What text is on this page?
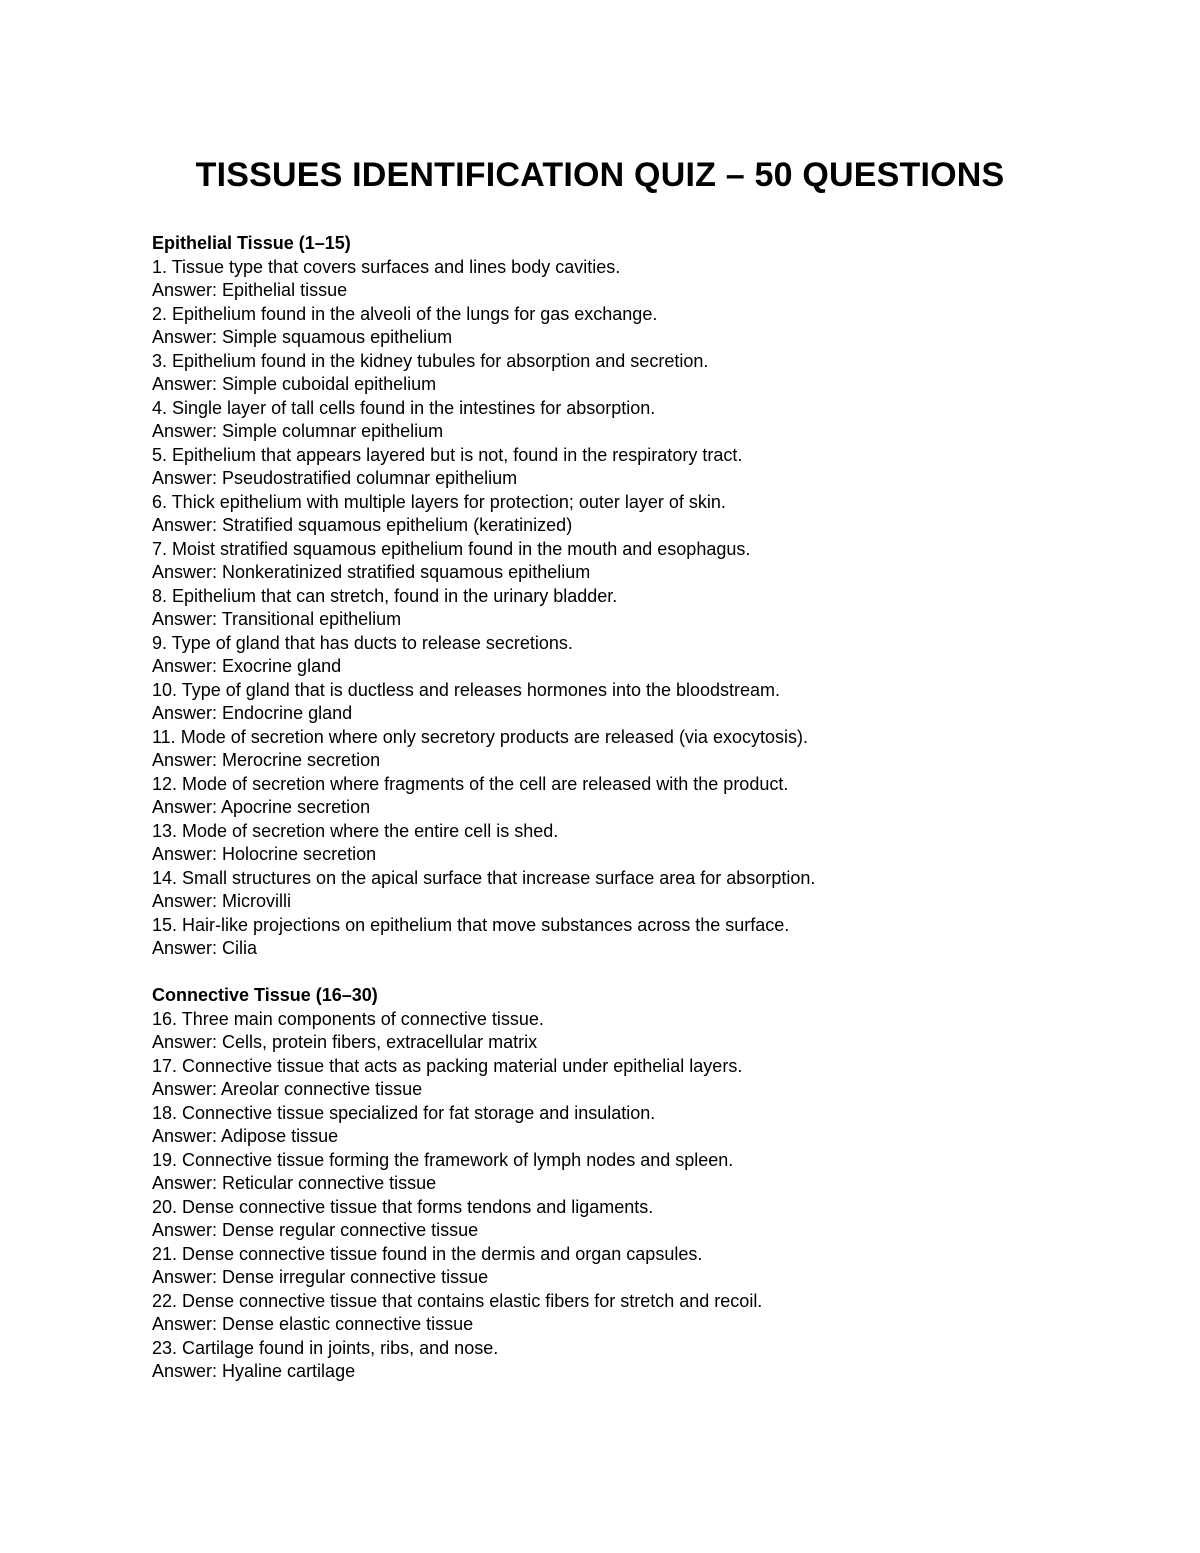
TISSUES IDENTIFICATION QUIZ – 50 QUESTIONS
Epithelial Tissue (1–15)
1. Tissue type that covers surfaces and lines body cavities.
Answer: Epithelial tissue
2. Epithelium found in the alveoli of the lungs for gas exchange.
Answer: Simple squamous epithelium
3. Epithelium found in the kidney tubules for absorption and secretion.
Answer: Simple cuboidal epithelium
4. Single layer of tall cells found in the intestines for absorption.
Answer: Simple columnar epithelium
5. Epithelium that appears layered but is not, found in the respiratory tract.
Answer: Pseudostratified columnar epithelium
6. Thick epithelium with multiple layers for protection; outer layer of skin.
Answer: Stratified squamous epithelium (keratinized)
7. Moist stratified squamous epithelium found in the mouth and esophagus.
Answer: Nonkeratinized stratified squamous epithelium
8. Epithelium that can stretch, found in the urinary bladder.
Answer: Transitional epithelium
9. Type of gland that has ducts to release secretions.
Answer: Exocrine gland
10. Type of gland that is ductless and releases hormones into the bloodstream.
Answer: Endocrine gland
11. Mode of secretion where only secretory products are released (via exocytosis).
Answer: Merocrine secretion
12. Mode of secretion where fragments of the cell are released with the product.
Answer: Apocrine secretion
13. Mode of secretion where the entire cell is shed.
Answer: Holocrine secretion
14. Small structures on the apical surface that increase surface area for absorption.
Answer: Microvilli
15. Hair-like projections on epithelium that move substances across the surface.
Answer: Cilia
Connective Tissue (16–30)
16. Three main components of connective tissue.
Answer: Cells, protein fibers, extracellular matrix
17. Connective tissue that acts as packing material under epithelial layers.
Answer: Areolar connective tissue
18. Connective tissue specialized for fat storage and insulation.
Answer: Adipose tissue
19. Connective tissue forming the framework of lymph nodes and spleen.
Answer: Reticular connective tissue
20. Dense connective tissue that forms tendons and ligaments.
Answer: Dense regular connective tissue
21. Dense connective tissue found in the dermis and organ capsules.
Answer: Dense irregular connective tissue
22. Dense connective tissue that contains elastic fibers for stretch and recoil.
Answer: Dense elastic connective tissue
23. Cartilage found in joints, ribs, and nose.
Answer: Hyaline cartilage
